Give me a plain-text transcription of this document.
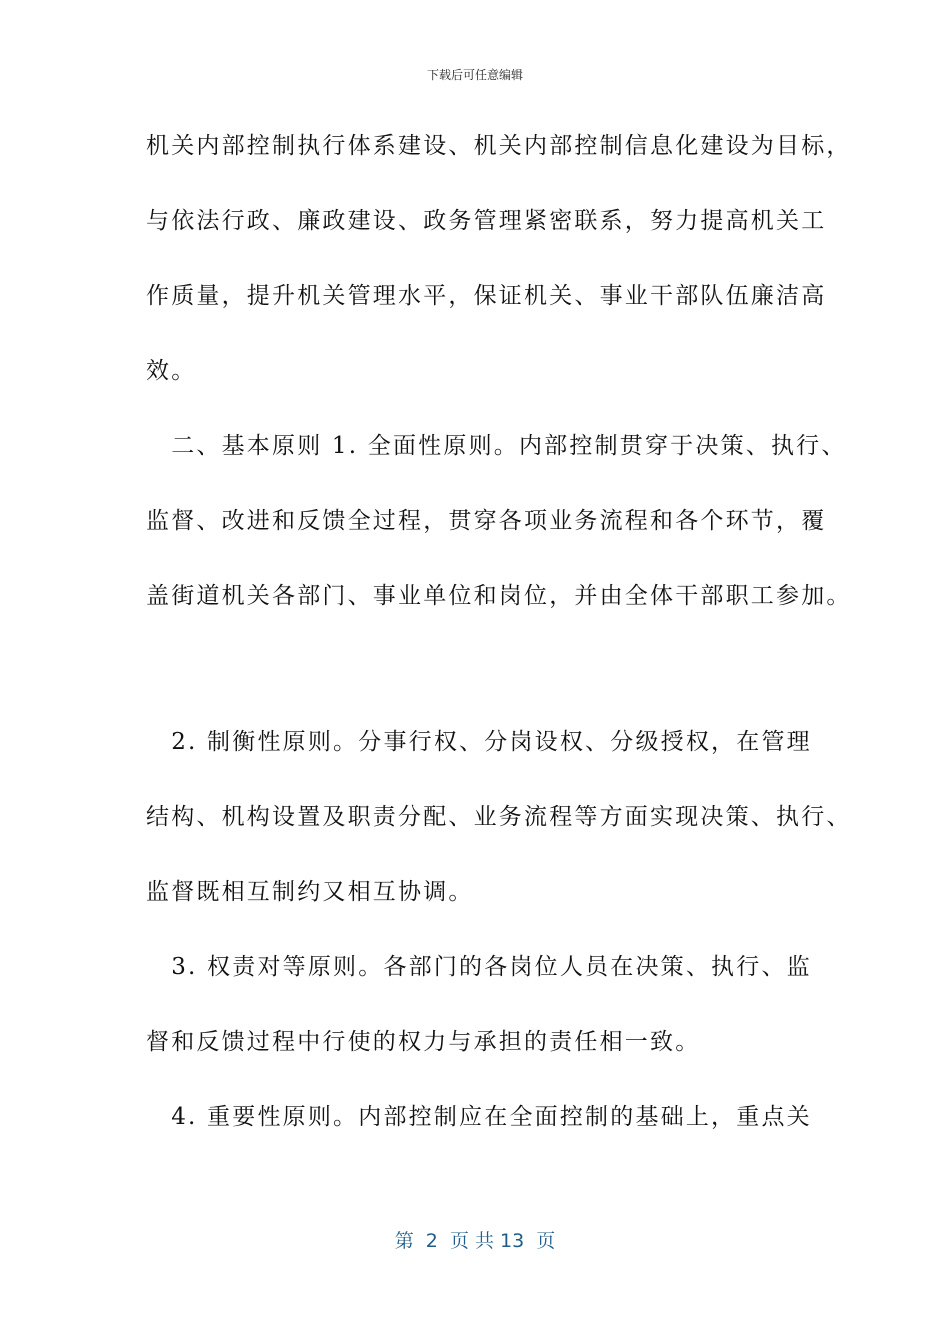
下载后可任意编辑
机关内部控制执行体系建设、机关内部控制信息化建设为目标，
与依法行政、廉政建设、政务管理紧密联系，努力提高机关工
作质量，提升机关管理水平，保证机关、事业干部队伍廉洁高
效。
　二、基本原则 1. 全面性原则。内部控制贯穿于决策、执行、
监督、改进和反馈全过程，贯穿各项业务流程和各个环节，覆
盖街道机关各部门、事业单位和岗位，并由全体干部职工参加。
　2. 制衡性原则。分事行权、分岗设权、分级授权，在管理
结构、机构设置及职责分配、业务流程等方面实现决策、执行、
监督既相互制约又相互协调。
　3. 权责对等原则。各部门的各岗位人员在决策、执行、监
督和反馈过程中行使的权力与承担的责任相一致。
　4. 重要性原则。内部控制应在全面控制的基础上，重点关
第  2  页 共 13  页
